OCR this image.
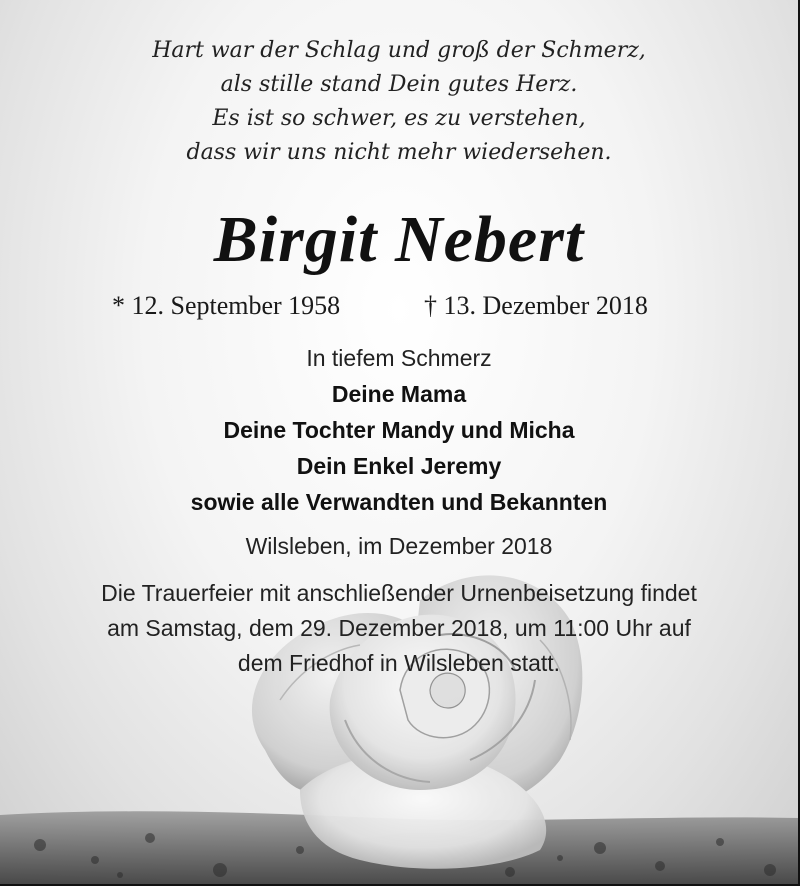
Hart war der Schlag und groß der Schmerz,
als stille stand Dein gutes Herz.
Es ist so schwer, es zu verstehen,
dass wir uns nicht mehr wiedersehen.
Birgit Nebert
* 12. September 1958	† 13. Dezember 2018
In tiefem Schmerz
Deine Mama
Deine Tochter Mandy und Micha
Dein Enkel Jeremy
sowie alle Verwandten und Bekannten
Wilsleben, im Dezember 2018
Die Trauerfeier mit anschließender Urnenbeisetzung findet
am Samstag, dem 29. Dezember 2018, um 11:00 Uhr auf
dem Friedhof in Wilsleben statt.
